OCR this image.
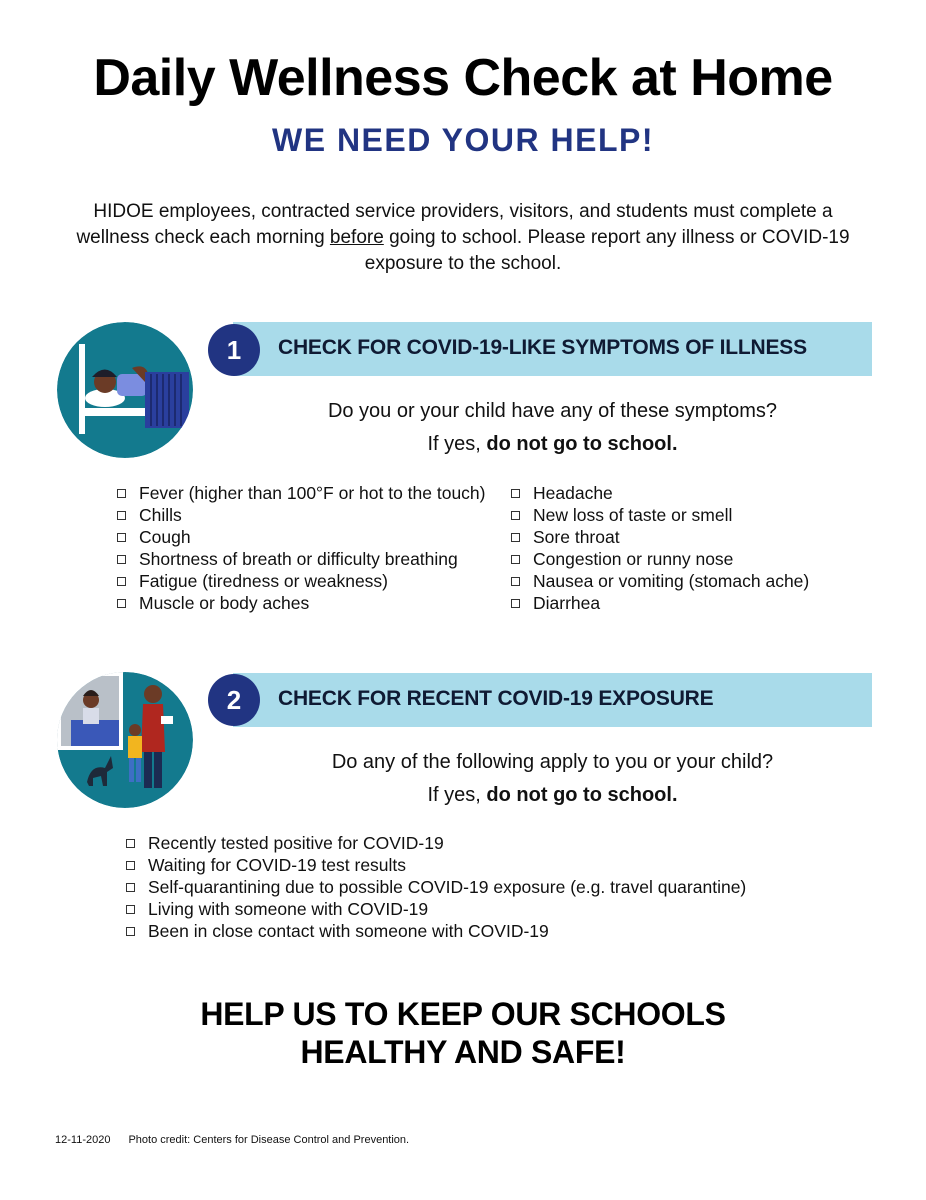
Daily Wellness Check at Home
WE NEED YOUR HELP!
HIDOE employees, contracted service providers, visitors, and students must complete a wellness check each morning before going to school. Please report any illness or COVID-19 exposure to the school.
CHECK FOR COVID-19-LIKE SYMPTOMS OF ILLNESS
1
Do you or your child have any of these symptoms?
If yes, do not go to school.
Fever (higher than 100°F or hot to the touch)
Chills
Cough
Shortness of breath or difficulty breathing
Fatigue (tiredness or weakness)
Muscle or body aches
Headache
New loss of taste or smell
Sore throat
Congestion or runny nose
Nausea or vomiting (stomach ache)
Diarrhea
CHECK FOR RECENT COVID-19 EXPOSURE
2
Do any of the following apply to you or your child?
If yes, do not go to school.
Recently tested positive for COVID-19
Waiting for COVID-19 test results
Self-quarantining due to possible COVID-19 exposure (e.g. travel quarantine)
Living with someone with COVID-19
Been in close contact with someone with COVID-19
HELP US TO KEEP OUR SCHOOLS
HEALTHY AND SAFE!
12-11-2020 Photo credit: Centers for Disease Control and Prevention.
